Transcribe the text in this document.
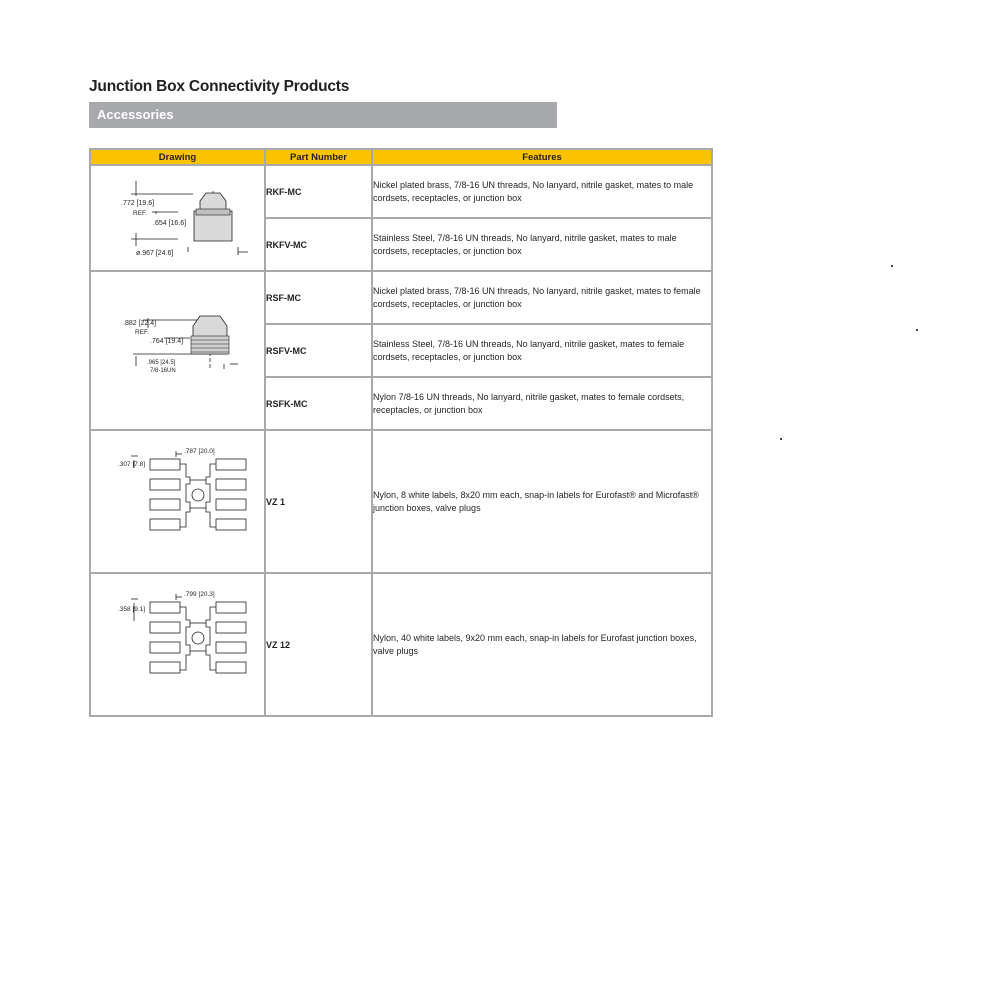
Junction Box Connectivity Products
Accessories
Drawing	Part Number	Features

.772 [19.6]
REF.
.654 [16.6]
ø.967 [24.6]	RKF-MC	Nickel plated brass, 7/8-16 UN threads, No lanyard, nitrile gasket, mates to male cordsets, receptacles, or junction box
	RKFV-MC	Stainless Steel, 7/8-16 UN threads, No lanyard, nitrile gasket, mates to male cordsets, receptacles, or junction box

.882 [22.4]
REF.
.764 [19.4]
.965 [24.5]
7/8-16UN	RSF-MC	Nickel plated brass, 7/8-16 UN threads, No lanyard, nitrile gasket, mates to female cordsets, receptacles, or junction box
	RSFV-MC	Stainless Steel, 7/8-16 UN threads, No lanyard, nitrile gasket, mates to female cordsets, receptacles, or junction box
	RSFK-MC	Nylon 7/8-16 UN threads, No lanyard, nitrile gasket, mates to female cordsets, receptacles, or junction box

.787 [20.0]
.307 [7.8]	VZ 1	Nylon, 8 white labels, 8x20 mm each, snap-in labels for Eurofast® and Microfast® junction boxes, valve plugs

.799 [20.3]
.358 [9.1]	VZ 12	Nylon, 40 white labels, 9x20 mm each, snap-in labels for Eurofast junction boxes, valve plugs
